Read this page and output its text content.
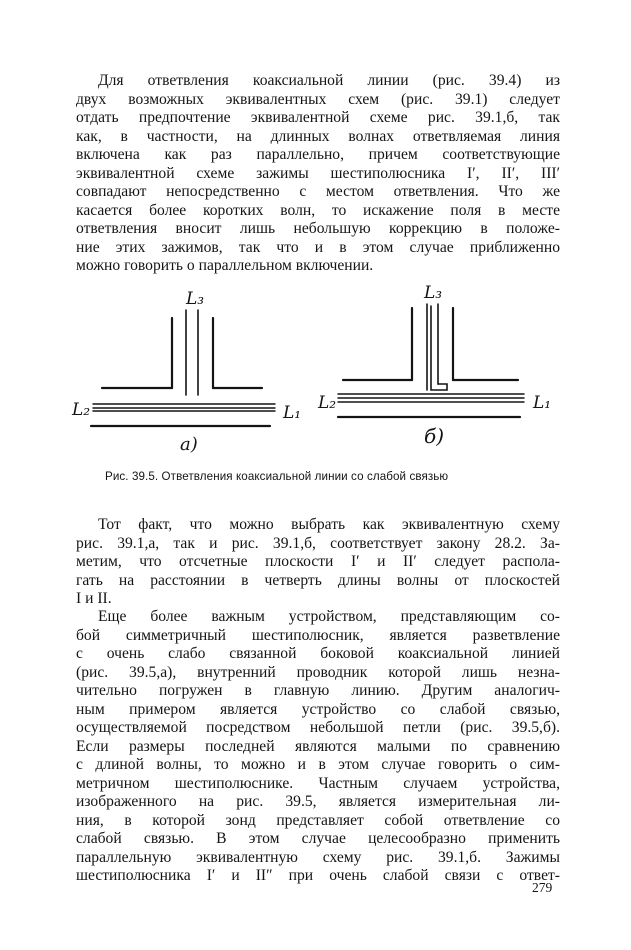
Для ответвления коаксиальной линии (рис. 39.4) из
двух возможных эквивалентных схем (рис. 39.1) следует
отдать предпочтение эквивалентной схеме рис. 39.1,б, так
как, в частности, на длинных волнах ответвляемая линия
включена как раз параллельно, причем соответствующие
эквивалентной схеме зажимы шестиполюсника I′, II′, III′
совпадают непосредственно с местом ответвления. Что же
касается более коротких волн, то искажение поля в месте
ответвления вносит лишь небольшую коррекцию в положе-
ние этих зажимов, так что и в этом случае приближенно
можно говорить о параллельном включении.
L₃
L₂	L₁
а)
L₃
L₂	L₁
б)
Рис. 39.5. Ответвления коаксиальной линии со слабой связью
Тот факт, что можно выбрать как эквивалентную схему
рис. 39.1,а, так и рис. 39.1,б, соответствует закону 28.2. За-
метим, что отсчетные плоскости I′ и II′ следует распола-
гать на расстоянии в четверть длины волны от плоскостей
I и II.
Еще более важным устройством, представляющим со-
бой симметричный шестиполюсник, является разветвление
с очень слабо связанной боковой коаксиальной линией
(рис. 39.5,а), внутренний проводник которой лишь незна-
чительно погружен в главную линию. Другим аналогич-
ным примером является устройство со слабой связью,
осуществляемой посредством небольшой петли (рис. 39.5,б).
Если размеры последней являются малыми по сравнению
с длиной волны, то можно и в этом случае говорить о сим-
метричном шестиполюснике. Частным случаем устройства,
изображенного на рис. 39.5, является измерительная ли-
ния, в которой зонд представляет собой ответвление со
слабой связью. В этом случае целесообразно применить
параллельную эквивалентную схему рис. 39.1,б. Зажимы
шестиполюсника I′ и II″ при очень слабой связи с ответ-
279
